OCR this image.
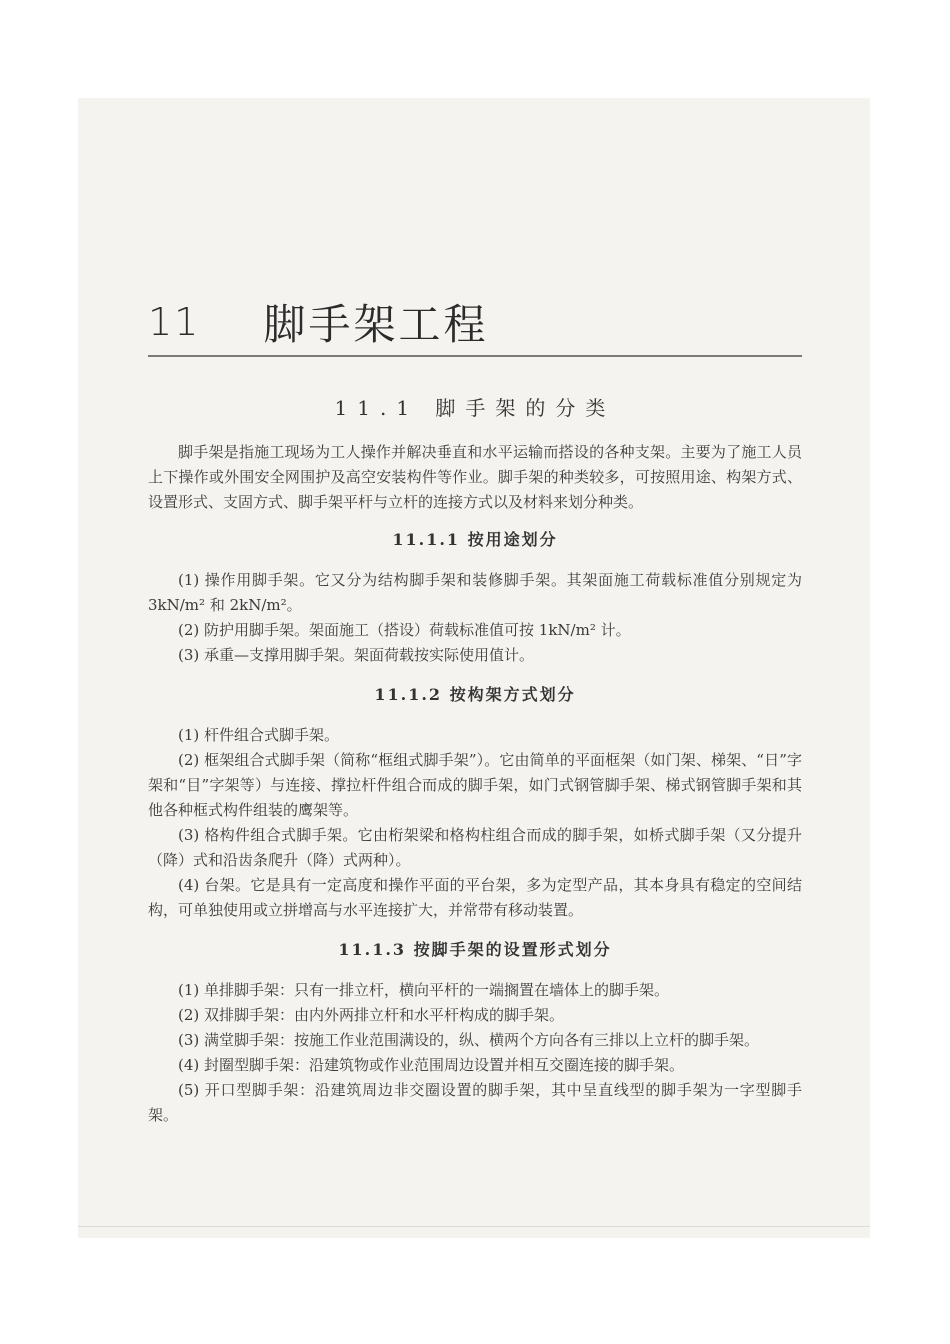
11 脚手架工程
11.1 脚手架的分类

脚手架是指施工现场为工人操作并解决垂直和水平运输而搭设的各种支架。主要为了施工人员上下操作或外围安全网围护及高空安装构件等作业。脚手架的种类较多，可按照用途、构架方式、设置形式、支固方式、脚手架平杆与立杆的连接方式以及材料来划分种类。

11.1.1 按用途划分

(1) 操作用脚手架。它又分为结构脚手架和装修脚手架。其架面施工荷载标准值分别规定为 3kN/m² 和 2kN/m²。

(2) 防护用脚手架。架面施工（搭设）荷载标准值可按 1kN/m² 计。

(3) 承重—支撑用脚手架。架面荷载按实际使用值计。

11.1.2 按构架方式划分

(1) 杆件组合式脚手架。

(2) 框架组合式脚手架（简称“框组式脚手架”）。它由简单的平面框架（如门架、梯架、“日”字架和“目”字架等）与连接、撑拉杆件组合而成的脚手架，如门式钢管脚手架、梯式钢管脚手架和其他各种框式构件组装的鹰架等。

(3) 格构件组合式脚手架。它由桁架梁和格构柱组合而成的脚手架，如桥式脚手架（又分提升（降）式和沿齿条爬升（降）式两种）。

(4) 台架。它是具有一定高度和操作平面的平台架，多为定型产品，其本身具有稳定的空间结构，可单独使用或立拼增高与水平连接扩大，并常带有移动装置。

11.1.3 按脚手架的设置形式划分

(1) 单排脚手架：只有一排立杆，横向平杆的一端搁置在墙体上的脚手架。

(2) 双排脚手架：由内外两排立杆和水平杆构成的脚手架。

(3) 满堂脚手架：按施工作业范围满设的，纵、横两个方向各有三排以上立杆的脚手架。

(4) 封圈型脚手架：沿建筑物或作业范围周边设置并相互交圈连接的脚手架。

(5) 开口型脚手架：沿建筑周边非交圈设置的脚手架，其中呈直线型的脚手架为一字型脚手架。
